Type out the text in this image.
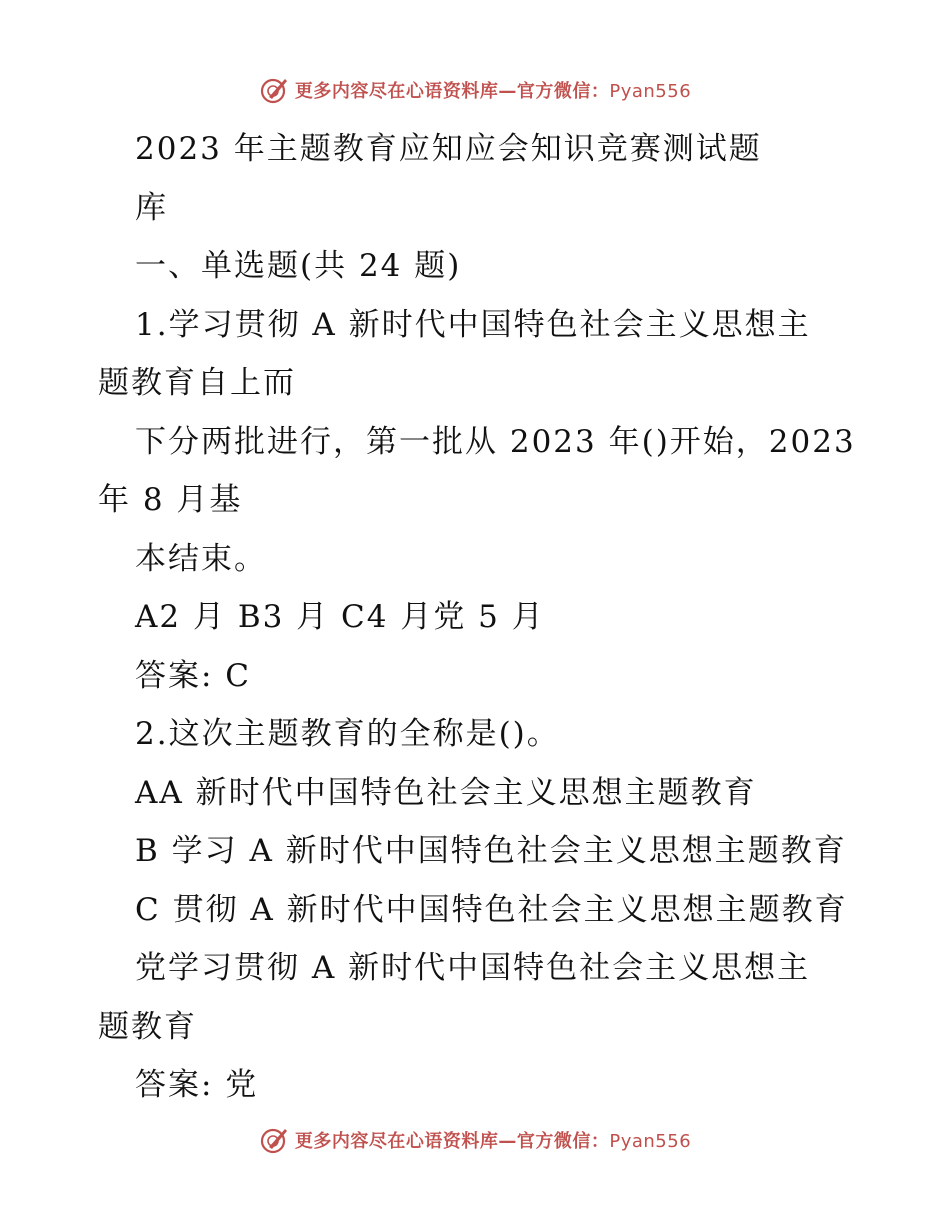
更多内容尽在心语资料库—官方微信：Pyan556
2023 年主题教育应知应会知识竞赛测试题
库
一、单选题(共 24 题)
1.学习贯彻 A 新时代中国特色社会主义思想主
题教育自上而
下分两批进行，第一批从 2023 年()开始，2023
年 8 月基
本结束。
A2 月 B3 月 C4 月党 5 月
答案: C
2.这次主题教育的全称是()。
AA 新时代中国特色社会主义思想主题教育
B 学习 A 新时代中国特色社会主义思想主题教育
C 贯彻 A 新时代中国特色社会主义思想主题教育
党学习贯彻 A 新时代中国特色社会主义思想主
题教育
答案: 党
更多内容尽在心语资料库—官方微信：Pyan556
